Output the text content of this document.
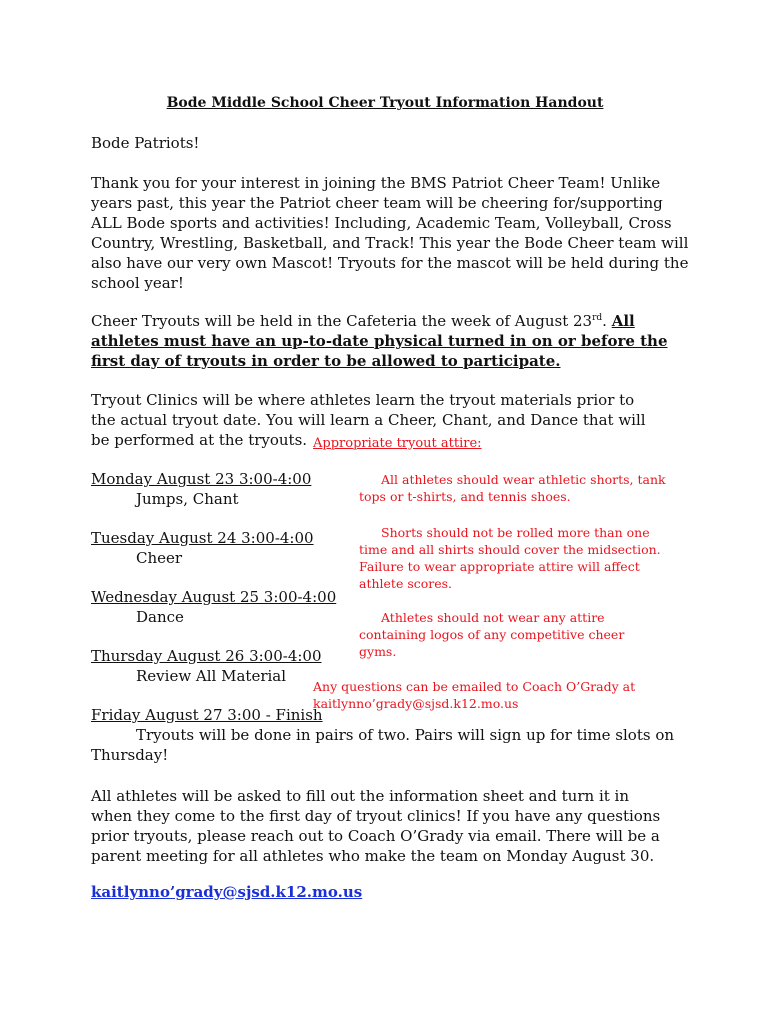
Bode Middle School Cheer Tryout Information Handout
Bode Patriots!
Thank you for your interest in joining the BMS Patriot Cheer Team! Unlike years past, this year the Patriot cheer team will be cheering for/supporting ALL Bode sports and activities! Including, Academic Team, Volleyball, Cross Country, Wrestling, Basketball, and Track! This year the Bode Cheer team will also have our very own Mascot! Tryouts for the mascot will be held during the school year!
Cheer Tryouts will be held in the Cafeteria the week of August 23rd. All athletes must have an up-to-date physical turned in on or before the first day of tryouts in order to be allowed to participate.
Tryout Clinics will be where athletes learn the tryout materials prior to the actual tryout date. You will learn a Cheer, Chant, and Dance that will be performed at the tryouts.
Monday August 23 3:00-4:00
Jumps, Chant
Tuesday August 24 3:00-4:00
Cheer
Wednesday August 25 3:00-4:00
Dance
Thursday August 26 3:00-4:00
Review All Material
Friday August 27 3:00 - Finish
Tryouts will be done in pairs of two. Pairs will sign up for time slots on Thursday!
Appropriate tryout attire:
All athletes should wear athletic shorts, tank tops or t-shirts, and tennis shoes.
Shorts should not be rolled more than one time and all shirts should cover the midsection. Failure to wear appropriate attire will affect athlete scores.
Athletes should not wear any attire containing logos of any competitive cheer gyms.
Any questions can be emailed to Coach O’Grady at
kaitlynno’grady@sjsd.k12.mo.us
All athletes will be asked to fill out the information sheet and turn it in when they come to the first day of tryout clinics! If you have any questions prior tryouts, please reach out to Coach O’Grady via email. There will be a parent meeting for all athletes who make the team on Monday August 30.
kaitlynno’grady@sjsd.k12.mo.us
